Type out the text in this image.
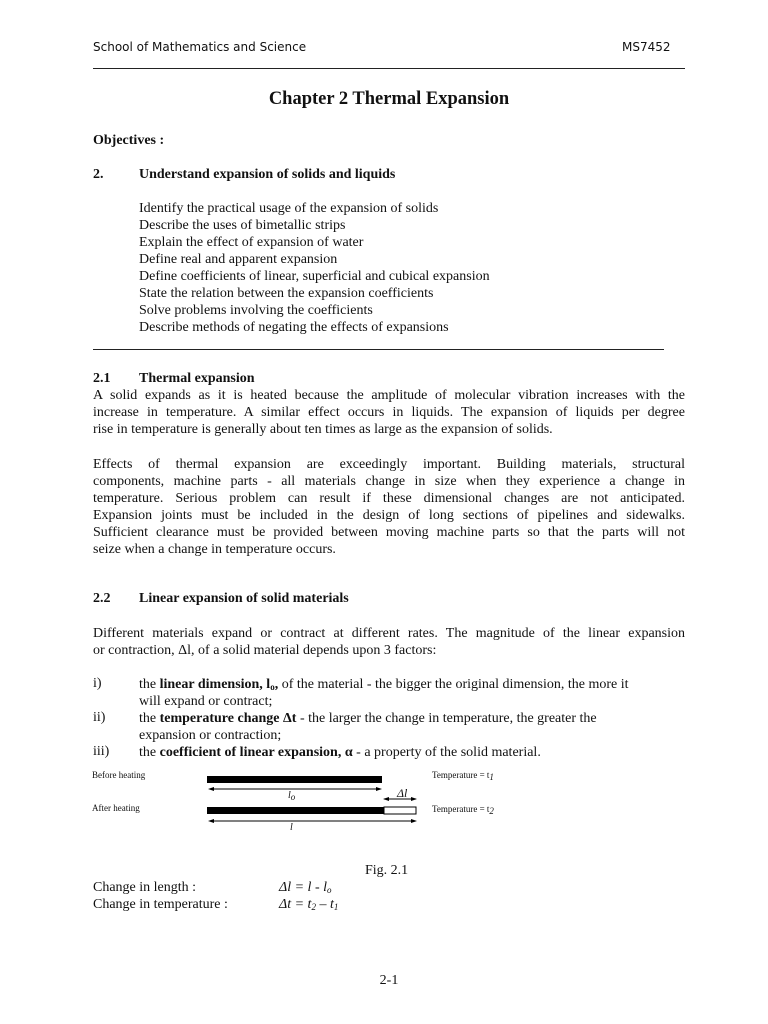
School of Mathematics and Science	MS7452
Chapter 2 Thermal Expansion
Objectives :
2.	Understand expansion of solids and liquids
Identify the practical usage of the expansion of solids
Describe the uses of bimetallic strips
Explain the effect of expansion of water
Define real and apparent expansion
Define coefficients of linear, superficial and cubical expansion
State the relation between the expansion coefficients
Solve problems involving the coefficients
Describe methods of negating the effects of expansions
2.1 Thermal expansion
A solid expands as it is heated because the amplitude of molecular vibration increases with the
increase in temperature. A similar effect occurs in liquids. The expansion of liquids per degree
rise in temperature is generally about ten times as large as the expansion of solids.
Effects of thermal expansion are exceedingly important. Building materials, structural
components, machine parts - all materials change in size when they experience a change in
temperature. Serious problem can result if these dimensional changes are not anticipated.
Expansion joints must be included in the design of long sections of pipelines and sidewalks.
Sufficient clearance must be provided between moving machine parts so that the parts will not
seize when a change in temperature occurs.
2.2 Linear expansion of solid materials
Different materials expand or contract at different rates. The magnitude of the linear expansion
or contraction, Δl, of a solid material depends upon 3 factors:
i)	the linear dimension, $l_o$, of the material - the bigger the original dimension, the more it
will expand or contract;
ii) the temperature change Δt - the larger the change in temperature, the greater the
expansion or contraction;
iii) the coefficient of linear expansion, α - a property of the solid material.
Before heating
After heating
Temperature = $t_1$
Temperature = $t_2$
$l_o$	Δl
l
Fig. 2.1
Change in length :	$\Delta l = l - l_o$
Change in temperature :	$\Delta t = t_2 - t_1$
2-1
